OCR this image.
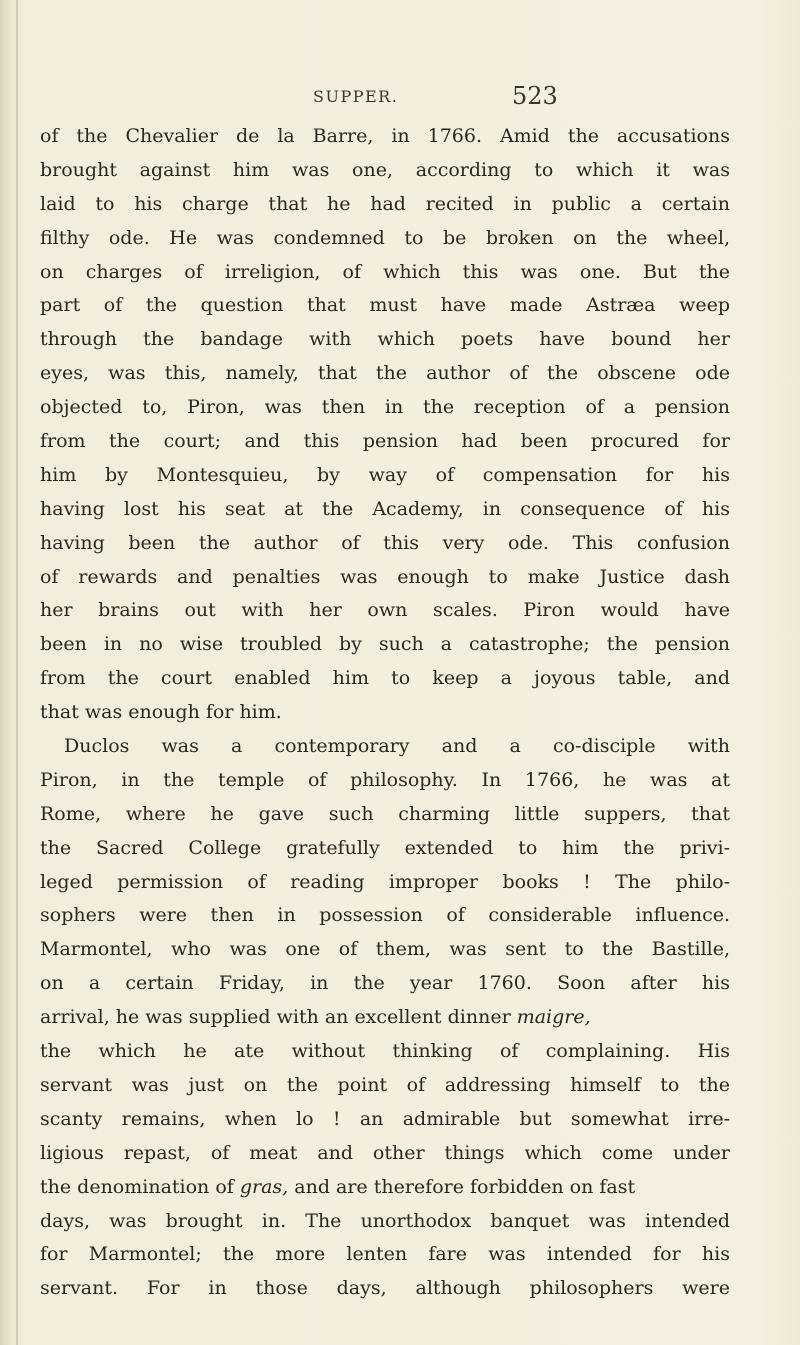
SUPPER.	523
of the Chevalier de la Barre, in 1766. Amid the accusations
brought against him was one, according to which it was
laid to his charge that he had recited in public a certain
filthy ode. He was condemned to be broken on the wheel,
on charges of irreligion, of which this was one. But the
part of the question that must have made Astræa weep
through the bandage with which poets have bound her
eyes, was this, namely, that the author of the obscene ode
objected to, Piron, was then in the reception of a pension
from the court; and this pension had been procured for
him by Montesquieu, by way of compensation for his
having lost his seat at the Academy, in consequence of his
having been the author of this very ode. This confusion
of rewards and penalties was enough to make Justice dash
her brains out with her own scales. Piron would have
been in no wise troubled by such a catastrophe; the pension
from the court enabled him to keep a joyous table, and
that was enough for him.
Duclos was a contemporary and a co-disciple with
Piron, in the temple of philosophy. In 1766, he was at
Rome, where he gave such charming little suppers, that
the Sacred College gratefully extended to him the privi-
leged permission of reading improper books ! The philo-
sophers were then in possession of considerable influence.
Marmontel, who was one of them, was sent to the Bastille,
on a certain Friday, in the year 1760. Soon after his
arrival, he was supplied with an excellent dinner maigre,
the which he ate without thinking of complaining. His
servant was just on the point of addressing himself to the
scanty remains, when lo ! an admirable but somewhat irre-
ligious repast, of meat and other things which come under
the denomination of gras, and are therefore forbidden on fast
days, was brought in. The unorthodox banquet was intended
for Marmontel; the more lenten fare was intended for his
servant. For in those days, although philosophers were
